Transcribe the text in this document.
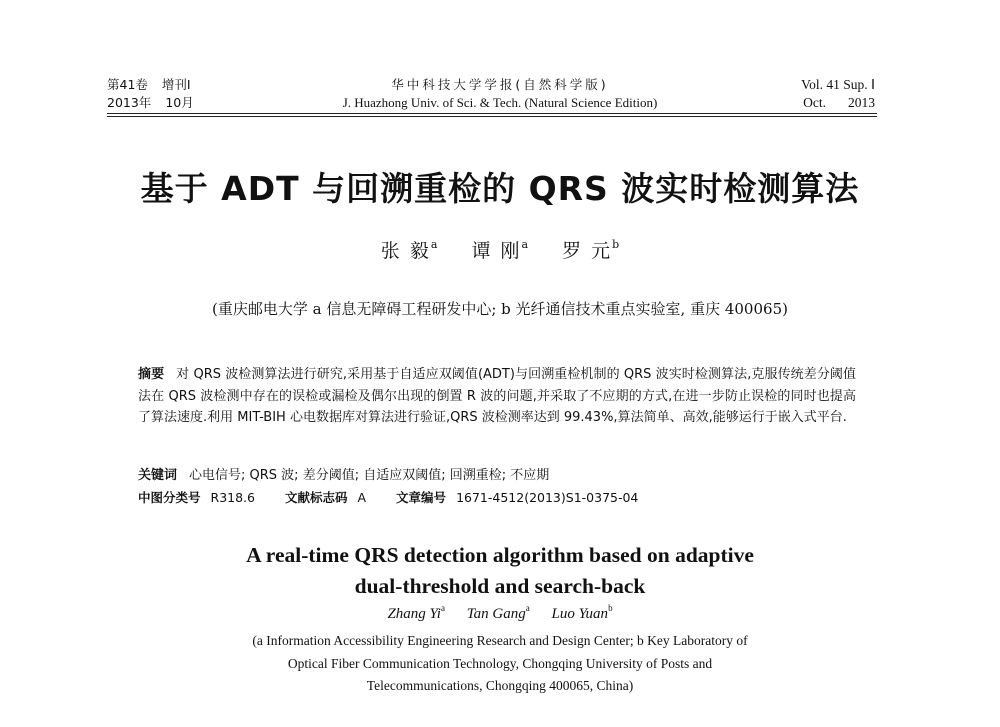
第41卷 增刊Ⅰ
2013年 10月
华中科技大学学报(自然科学版)
J. Huazhong Univ. of Sci. & Tech. (Natural Science Edition)
Vol. 41 Sup. Ⅰ
Oct. 2013
基于 ADT 与回溯重检的 QRS 波实时检测算法
张 毅$^a$ 谭 刚$^a$ 罗 元$^b$
(重庆邮电大学 a 信息无障碍工程研发中心; b 光纤通信技术重点实验室, 重庆 400065)
摘要 对 QRS 波检测算法进行研究,采用基于自适应双阈值(ADT)与回溯重检机制的 QRS 波实时检测算法,克服传统差分阈值法在 QRS 波检测中存在的误检或漏检及偶尔出现的倒置 R 波的问题,并采取了不应期的方式,在进一步防止误检的同时也提高了算法速度.利用 MIT-BIH 心电数据库对算法进行验证,QRS 波检测率达到 99.43%,算法简单、高效,能够运行于嵌入式平台.
关键词 心电信号; QRS 波; 差分阈值; 自适应双阈值; 回溯重检; 不应期
中图分类号 R318.6 文献标志码 A 文章编号 1671-4512(2013)S1-0375-04
A real-time QRS detection algorithm based on adaptive
dual-threshold and search-back
Zhang Yi$^a$ Tan Gang$^a$ Luo Yuan$^b$
(a Information Accessibility Engineering Research and Design Center; b Key Laboratory of
Optical Fiber Communication Technology, Chongqing University of Posts and
Telecommunications, Chongqing 400065, China)
